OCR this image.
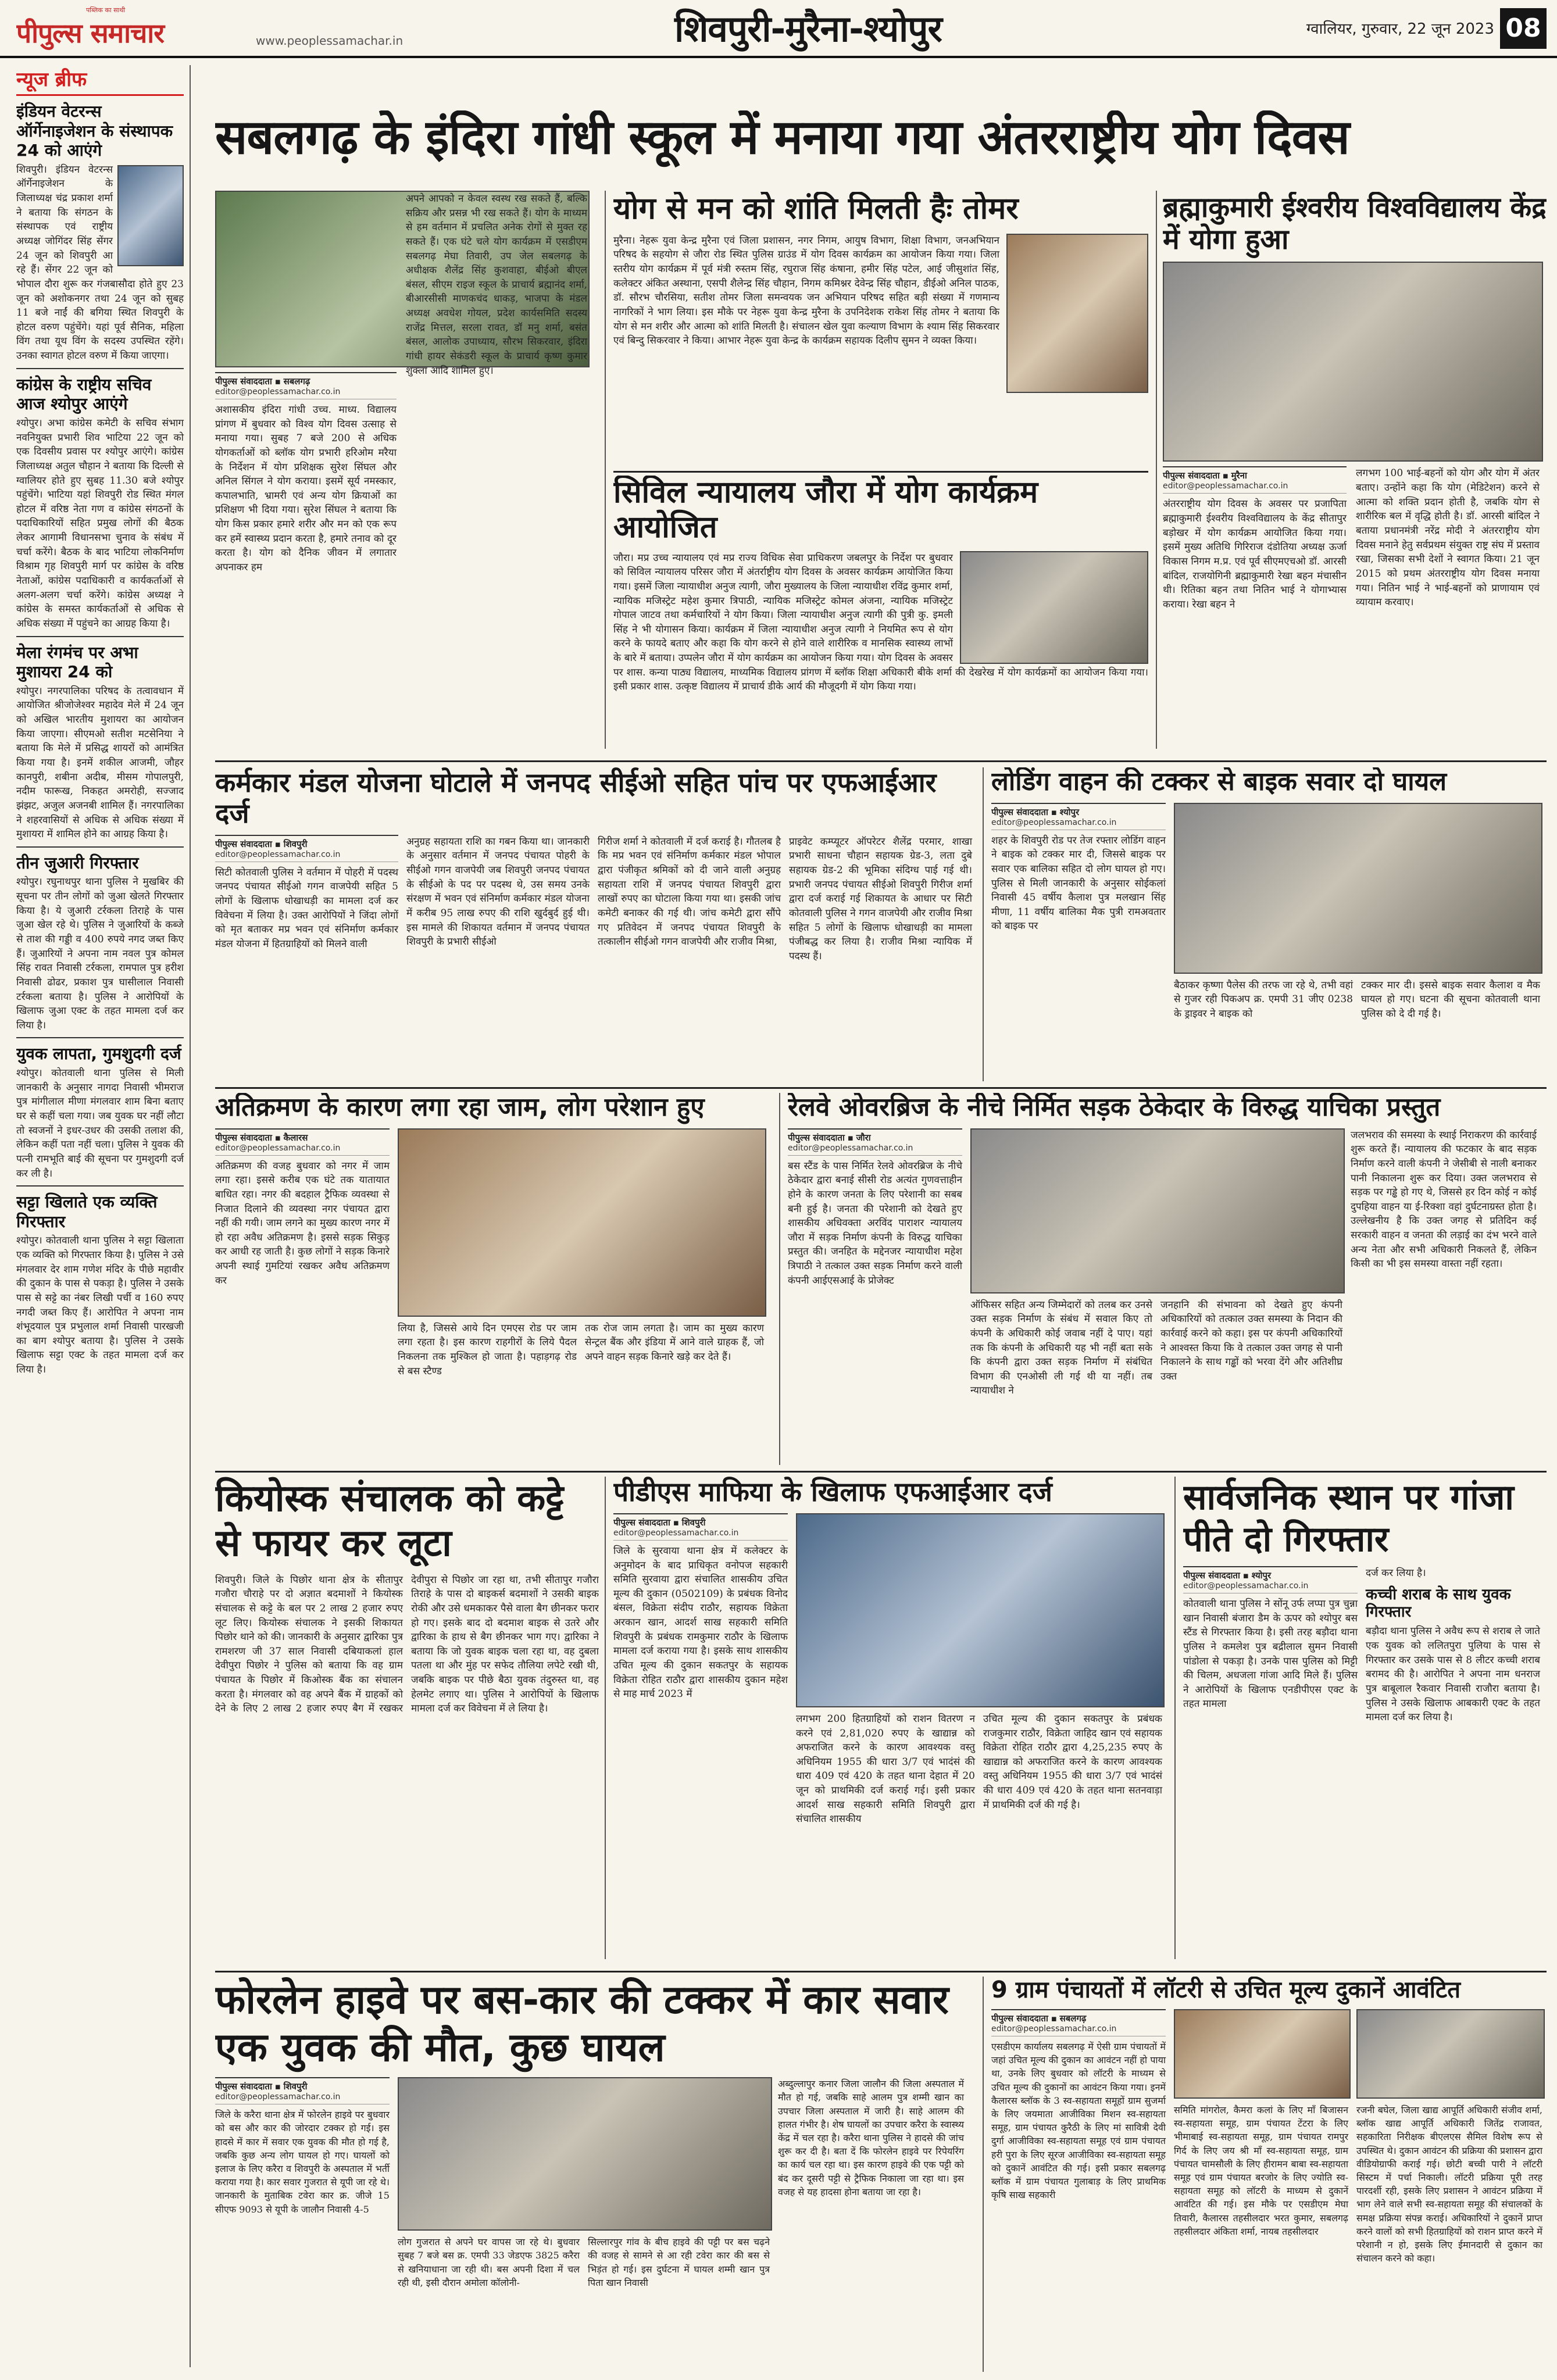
पब्लिक का साथी
पीपुल्स समाचार	www.peoplessamachar.in	शिवपुरी-मुरैना-श्योपुर	ग्वालियर, गुरुवार, 22 जून 2023 08
न्यूज ब्रीफ
इंडियन वेटरन्स ऑर्गेनाइजेशन के संस्थापक 24 को आएंगे
शिवपुरी। इंडियन वेटरन्स ऑर्गेनाइजेशन के जिलाध्यक्ष चंद्र प्रकाश शर्मा ने बताया कि संगठन के संस्थापक एवं राष्ट्रीय अध्यक्ष जोगिंदर सिंह सेंगर 24 जून को शिवपुरी आ रहे हैं। सेंगर 22 जून को भोपाल दौरा शुरू कर गंजबासौदा होते हुए 23 जून को अशोकनगर तथा 24 जून को सुबह 11 बजे नाईं की बगिया स्थित शिवपुरी के होटल वरुण पहुंचेंगे। यहां पूर्व सैनिक, महिला विंग तथा यूथ विंग के सदस्य उपस्थित रहेंगे। उनका स्वागत होटल वरुण में किया जाएगा।
कांग्रेस के राष्ट्रीय सचिव आज श्योपुर आएंगे
श्योपुर। अभा कांग्रेस कमेटी के सचिव संभाग नवनियुक्त प्रभारी शिव भाटिया 22 जून को एक दिवसीय प्रवास पर श्योपुर आएंगे। कांग्रेस जिलाध्यक्ष अतुल चौहान ने बताया कि दिल्ली से ग्वालियर होते हुए सुबह 11.30 बजे श्योपुर पहुंचेंगे। भाटिया यहां शिवपुरी रोड स्थित मंगल होटल में वरिष्ठ नेता गण व कांग्रेस संगठनों के पदाधिकारियों सहित प्रमुख लोगों की बैठक लेकर आगामी विधानसभा चुनाव के संबंध में चर्चा करेंगे। बैठक के बाद भाटिया लोकनिर्माण विश्राम गृह शिवपुरी मार्ग पर कांग्रेस के वरिष्ठ नेताओं, कांग्रेस पदाधिकारी व कार्यकर्ताओं से अलग-अलग चर्चा करेंगे। कांग्रेस अध्यक्ष ने कांग्रेस के समस्त कार्यकर्ताओं से अधिक से अधिक संख्या में पहुंचने का आग्रह किया है।
मेला रंगमंच पर अभा मुशायरा 24 को
श्योपुर। नगरपालिका परिषद के तत्वावधान में आयोजित श्रीजोजेश्वर महादेव मेले में 24 जून को अखिल भारतीय मुशायरा का आयोजन किया जाएगा। सीएमओ सतीश मटसेनिया ने बताया कि मेले में प्रसिद्ध शायरों को आमंत्रित किया गया है। इनमें शकील आजमी, जौहर कानपुरी, शबीना अदीब, मीसम गोपालपुरी, नदीम फारूख, निकहत अमरोही, सज्जाद झंझट, अजुल अजनबी शामिल हैं। नगरपालिका ने शहरवासियों से अधिक से अधिक संख्या में मुशायरा में शामिल होने का आग्रह किया है।
तीन जुआरी गिरफ्तार
श्योपुर। रघुनाथपुर थाना पुलिस ने मुखबिर की सूचना पर तीन लोगों को जुआ खेलते गिरफ्तार किया है। ये जुआरी टर्रकला तिराहे के पास जुआ खेल रहे थे। पुलिस ने जुआरियों के कब्जे से ताश की गड्डी व 400 रुपये नगद जब्त किए हैं। जुआरियों ने अपना नाम नवल पुत्र कोमल सिंह रावत निवासी टर्रकला, रामपाल पुत्र हरीश निवासी ढोढर, प्रकाश पुत्र घासीलाल निवासी टर्रकला बताया है। पुलिस ने आरोपियों के खिलाफ जुआ एक्ट के तहत मामला दर्ज कर लिया है।
युवक लापता, गुमशुदगी दर्ज
श्योपुर। कोतवाली थाना पुलिस से मिली जानकारी के अनुसार नागदा निवासी भीमराज पुत्र मांगीलाल मीणा मंगलवार शाम बिना बताए घर से कहीं चला गया। जब युवक घर नहीं लौटा तो स्वजनों ने इधर-उधर की उसकी तलाश की, लेकिन कहीं पता नहीं चला। पुलिस ने युवक की पत्नी रामभूति बाई की सूचना पर गुमशुदगी दर्ज कर ली है।
सट्टा खिलाते एक व्यक्ति गिरफ्तार
श्योपुर। कोतवाली थाना पुलिस ने सट्टा खिलाता एक व्यक्ति को गिरफ्तार किया है। पुलिस ने उसे मंगलवार देर शाम गणेश मंदिर के पीछे महावीर की दुकान के पास से पकड़ा है। पुलिस ने उसके पास से सट्टे का नंबर लिखी पर्ची व 160 रुपए नगदी जब्त किए हैं। आरोपित ने अपना नाम शंभूदयाल पुत्र प्रभुलाल शर्मा निवासी पारखजी का बाग श्योपुर बताया है। पुलिस ने उसके खिलाफ सट्टा एक्ट के तहत मामला दर्ज कर लिया है।
सबलगढ़ के इंदिरा गांधी स्कूल में मनाया गया अंतरराष्ट्रीय योग दिवस
पीपुल्स संवाददाता ▪ सबलगढ़
editor@peoplessamachar.co.in
अशासकीय इंदिरा गांधी उच्च. माध्य. विद्यालय प्रांगण में बुधवार को विश्व योग दिवस उत्साह से मनाया गया। सुबह 7 बजे 200 से अधिक योगकर्ताओं को ब्लॉक योग प्रभारी हरिओम मरैया के निर्देशन में योग प्रशिक्षक सुरेश सिंघल और अनिल सिंगल ने योग कराया। इसमें सूर्य नमस्कार, कपालभाति, भ्रामरी एवं अन्य योग क्रियाओं का प्रशिक्षण भी दिया गया। सुरेश सिंघल ने बताया कि योग किस प्रकार हमारे शरीर और मन को एक रूप कर हमें स्वास्थ्य प्रदान करता है, हमारे तनाव को दूर करता है। योग को दैनिक जीवन में लगातार अपनाकर हम
अपने आपको न केवल स्वस्थ रख सकते हैं, बल्कि सक्रिय और प्रसन्न भी रख सकते हैं। योग के माध्यम से हम वर्तमान में प्रचलित अनेक रोगों से मुक्त रह सकते हैं। एक घंटे चले योग कार्यक्रम में एसडीएम सबलगढ़ मेघा तिवारी, उप जेल सबलगढ़ के अधीक्षक शैलेंद्र सिंह कुशवाहा, बीईओ बीएल बंसल, सीएम राइज स्कूल के प्राचार्य ब्रह्मानंद शर्मा, बीआरसीसी माणकचंद धाकड़, भाजपा के मंडल अध्यक्ष अवधेश गोयल, प्रदेश कार्यसमिति सदस्य राजेंद्र मित्तल, सरला रावत, डॉ मनु शर्मा, बसंत बंसल, आलोक उपाध्याय, सौरभ सिकरवार, इंदिरा गांधी हायर सेकंडरी स्कूल के प्राचार्य कृष्ण कुमार शुक्ला आदि शामिल हुए।
योग से मन को शांति मिलती हैः तोमर
मुरैना। नेहरू युवा केन्द्र मुरैना एवं जिला प्रशासन, नगर निगम, आयुष विभाग, शिक्षा विभाग, जनअभियान परिषद के सहयोग से जौरा रोड स्थित पुलिस ग्राउंड में योग दिवस कार्यक्रम का आयोजन किया गया। जिला स्तरीय योग कार्यक्रम में पूर्व मंत्री रुस्तम सिंह, रघुराज सिंह कंषाना, हमीर सिंह पटेल, आई जीसुशांत सिंह, कलेक्टर अंकित अस्थाना, एसपी शैलेन्द्र सिंह चौहान, निगम कमिश्नर देवेन्द्र सिंह चौहान, डीईओ अनिल पाठक, डॉ. सौरभ चौरसिया, सतीश तोमर जिला समन्वयक जन अभियान परिषद सहित बड़ी संख्या में गणमान्य नागरिकों ने भाग लिया। इस मौके पर नेहरू युवा केन्द्र मुरैना के उपनिदेशक राकेश सिंह तोमर ने बताया कि योग से मन शरीर और आत्मा को शांति मिलती है। संचालन खेल युवा कल्याण विभाग के श्याम सिंह सिकरवार एवं बिन्दु सिकरवार ने किया। आभार नेहरू युवा केन्द्र के कार्यक्रम सहायक दिलीप सुमन ने व्यक्त किया।
सिविल न्यायालय जौरा में योग कार्यक्रम आयोजित
जौरा। मप्र उच्च न्यायालय एवं मप्र राज्य विधिक सेवा प्राधिकरण जबलपुर के निर्देश पर बुधवार को सिविल न्यायालय परिसर जौरा में अंतर्राष्ट्रीय योग दिवस के अवसर कार्यक्रम आयोजित किया गया। इसमें जिला न्यायाधीश अनुज त्यागी, जौरा मुख्यालय के जिला न्यायाधीश रविंद्र कुमार शर्मा, न्यायिक मजिस्ट्रेट महेश कुमार त्रिपाठी, न्यायिक मजिस्ट्रेट कोमल अंजना, न्यायिक मजिस्ट्रेट गोपाल जाटव तथा कर्मचारियों ने योग किया। जिला न्यायाधीश अनुज त्यागी की पुत्री कु. इमली सिंह ने भी योगासन किया। कार्यक्रम में जिला न्यायाधीश अनुज त्यागी ने नियमित रूप से योग करने के फायदे बताए और कहा कि योग करने से होने वाले शारीरिक व मानसिक स्वास्थ्य लाभों के बारे में बताया। उप्पलेन जौरा में योग कार्यक्रम का आयोजन किया गया। योग दिवस के अवसर पर शास. कन्या पाठ्य विद्यालय, माध्यमिक विद्यालय प्रांगण में ब्लॉक शिक्षा अधिकारी बीके शर्मा की देखरेख में योग कार्यक्रमों का आयोजन किया गया। इसी प्रकार शास. उत्कृष्ट विद्यालय में प्राचार्य डीके आर्य की मौजूदगी में योग किया गया।
ब्रह्माकुमारी ईश्वरीय विश्वविद्यालय केंद्र में योगा हुआ
पीपुल्स संवाददाता ▪ मुरैना
editor@peoplessamachar.co.in
अंतरराष्ट्रीय योग दिवस के अवसर पर प्रजापिता ब्रह्माकुमारी ईश्वरीय विश्वविद्यालय के केंद्र सीतापुर बड़ोखर में योग कार्यक्रम आयोजित किया गया। इसमें मुख्य अतिथि गिरिराज दंडोतिया अध्यक्ष ऊर्जा विकास निगम म.प्र. एवं पूर्व सीएमएचओ डॉ. आरसी बांदिल, राजयोगिनी ब्रह्माकुमारी रेखा बहन मंचासीन थी। रितिका बहन तथा नितिन भाई ने योगाभ्यास कराया। रेखा बहन ने
लगभग 100 भाई-बहनों को योग और योग में अंतर बताए। उन्होंने कहा कि योग (मेडिटेशन) करने से आत्मा को शक्ति प्रदान होती है, जबकि योग से शारीरिक बल में वृद्धि होती है। डॉ. आरसी बांदिल ने बताया प्रधानमंत्री नरेंद्र मोदी ने अंतरराष्ट्रीय योग दिवस मनाने हेतु सर्वप्रथम संयुक्त राष्ट्र संघ में प्रस्ताव रखा, जिसका सभी देशों ने स्वागत किया। 21 जून 2015 को प्रथम अंतरराष्ट्रीय योग दिवस मनाया गया। नितिन भाई ने भाई-बहनों को प्राणायाम एवं व्यायाम करवाए।
कर्मकार मंडल योजना घोटाले में जनपद सीईओ सहित पांच पर एफआईआर दर्ज
पीपुल्स संवाददाता ▪ शिवपुरी
editor@peoplessamachar.co.in
सिटी कोतवाली पुलिस ने वर्तमान में पोहरी में पदस्थ जनपद पंचायत सीईओ गगन वाजपेयी सहित 5 लोगों के खिलाफ धोखाधड़ी का मामला दर्ज कर विवेचना में लिया है। उक्त आरोपियों ने जिंदा लोगों को मृत बताकर मप्र भवन एवं संनिर्माण कर्मकार मंडल योजना में हितग्राहियों को मिलने वाली
अनुग्रह सहायता राशि का गबन किया था। जानकारी के अनुसार वर्तमान में जनपद पंचायत पोहरी के सीईओ गगन वाजपेयी जब शिवपुरी जनपद पंचायत के सीईओ के पद पर पदस्थ थे, उस समय उनके संरक्षण में भवन एवं संनिर्माण कर्मकार मंडल योजना में करीब 95 लाख रुपए की राशि खुर्दबुर्द हुई थी। इस मामले की शिकायत वर्तमान में जनपद पंचायत शिवपुरी के प्रभारी सीईओ
गिरीज शर्मा ने कोतवाली में दर्ज कराई है। गौतलब है कि मप्र भवन एवं संनिर्माण कर्मकार मंडल भोपाल द्वारा पंजीकृत श्रमिकों को दी जाने वाली अनुग्रह सहायता राशि में जनपद पंचायत शिवपुरी द्वारा लाखों रुपए का घोटाला किया गया था। इसकी जांच कमेटी बनाकर की गई थी। जांच कमेटी द्वारा सौंपे गए प्रतिवेदन में जनपद पंचायत शिवपुरी के तत्कालीन सीईओ गगन वाजपेयी और राजीव मिश्रा,
प्राइवेट कम्प्यूटर ऑपरेटर शैलेंद्र परमार, शाखा प्रभारी साधना चौहान सहायक ग्रेड-3, लता दुबे सहायक ग्रेड-2 की भूमिका संदिग्ध पाई गई थी। प्रभारी जनपद पंचायत सीईओ शिवपुरी गिरीज शर्मा द्वारा दर्ज कराई गई शिकायत के आधार पर सिटी कोतवाली पुलिस ने गगन वाजपेयी और राजीव मिश्रा सहित 5 लोगों के खिलाफ धोखाधड़ी का मामला पंजीबद्ध कर लिया है। राजीव मिश्रा न्यायिक में पदस्थ हैं।
लोडिंग वाहन की टक्कर से बाइक सवार दो घायल
पीपुल्स संवाददाता ▪ श्योपुर
editor@peoplessamachar.co.in
शहर के शिवपुरी रोड पर तेज रफ्तार लोडिंग वाहन ने बाइक को टक्कर मार दी, जिससे बाइक पर सवार एक बालिका सहित दो लोग घायल हो गए। पुलिस से मिली जानकारी के अनुसार सोईकलां निवासी 45 वर्षीय कैलाश पुत्र मलखान सिंह मीणा, 11 वर्षीय बालिका मैक पुत्री रामअवतार को बाइक पर
बैठाकर कृष्णा पैलेस की तरफ जा रहे थे, तभी वहां से गुजर रही पिकअप क्र. एमपी 31 जीए 0238 के ड्राइवर ने बाइक को
टक्कर मार दी। इससे बाइक सवार कैलाश व मैक घायल हो गए। घटना की सूचना कोतवाली थाना पुलिस को दे दी गई है।
अतिक्रमण के कारण लगा रहा जाम, लोग परेशान हुए
पीपुल्स संवाददाता ▪ कैलारस
editor@peoplessamachar.co.in
अतिक्रमण की वजह बुधवार को नगर में जाम लगा रहा। इससे करीब एक घंटे तक यातायात बाधित रहा। नगर की बदहाल ट्रैफिक व्यवस्था से निजात दिलाने की व्यवस्था नगर पंचायत द्वारा नहीं की गयी। जाम लगने का मुख्य कारण नगर में हो रहा अवैध अतिक्रमण है। इससे सड़क सिकुड़ कर आधी रह जाती है। कुछ लोगों ने सड़क किनारे अपनी स्थाई गुमटियां रखकर अवैध अतिक्रमण कर
लिया है, जिससे आये दिन एमएस रोड पर जाम लगा रहता है। इस कारण राहगीरों के लिये पैदल निकलना तक मुश्किल हो जाता है। पहाड़गढ़ रोड से बस स्टैण्ड
तक रोज जाम लगता है। जाम का मुख्य कारण सेन्ट्रल बैंक और इंडिया में आने वाले ग्राहक हैं, जो अपने वाहन सड़क किनारे खड़े कर देते हैं।
रेलवे ओवरब्रिज के नीचे निर्मित सड़क ठेकेदार के विरुद्ध याचिका प्रस्तुत
पीपुल्स संवाददाता ▪ जौरा
editor@peoplessamachar.co.in
बस स्टैंड के पास निर्मित रेलवे ओवरब्रिज के नीचे ठेकेदार द्वारा बनाई सीसी रोड अत्यंत गुणवत्ताहीन होने के कारण जनता के लिए परेशानी का सबब बनी हुई है। जनता की परेशानी को देखते हुए शासकीय अधिवक्ता अरविंद पाराशर न्यायालय जौरा में सड़क निर्माण कंपनी के विरुद्ध याचिका प्रस्तुत की। जनहित के मद्देनजर न्यायाधीश महेश त्रिपाठी ने तत्काल उक्त सड़क निर्माण करने वाली कंपनी आईएसआई के प्रोजेक्ट
ऑफिसर सहित अन्य जिम्मेदारों को तलब कर उनसे उक्त सड़क निर्माण के संबंध में सवाल किए तो कंपनी के अधिकारी कोई जवाब नहीं दे पाए। यहां तक कि कंपनी के अधिकारी यह भी नहीं बता सके कि कंपनी द्वारा उक्त सड़क निर्माण में संबंधित विभाग की एनओसी ली गई थी या नहीं। तब न्यायाधीश ने
जनहानि की संभावना को देखते हुए कंपनी अधिकारियों को तत्काल उक्त समस्या के निदान की कार्रवाई करने को कहा। इस पर कंपनी अधिकारियों ने आश्वस्त किया कि वे तत्काल उक्त जगह से पानी निकालने के साथ गड्ढों को भरवा देंगे और अतिशीघ्र उक्त
जलभराव की समस्या के स्थाई निराकरण की कार्रवाई शुरू करते हैं। न्यायालय की फटकार के बाद सड़क निर्माण करने वाली कंपनी ने जेसीबी से नाली बनाकर पानी निकालना शुरू कर दिया। उक्त जलभराव से सड़क पर गड्ढे हो गए थे, जिससे हर दिन कोई न कोई दुपहिया वाहन या ई-रिक्शा वहां दुर्घटनाग्रस्त होता है। उल्लेखनीय है कि उक्त जगह से प्रतिदिन कई सरकारी वाहन व जनता की लड़ाई का दंभ भरने वाले अन्य नेता और सभी अधिकारी निकलते हैं, लेकिन किसी का भी इस समस्या वास्ता नहीं रहता।
कियोस्क संचालक को कट्टे से फायर कर लूटा
शिवपुरी। जिले के पिछोर थाना क्षेत्र के सीतापुर गजौरा चौराहे पर दो अज्ञात बदमाशों ने कियोस्क संचालक से कट्टे के बल पर 2 लाख 2 हजार रुपए लूट लिए। कियोस्क संचालक ने इसकी शिकायत पिछोर थाने को की। जानकारी के अनुसार द्वारिका पुत्र रामशरण जी 37 साल निवासी दबियाकलां हाल देवीपुरा पिछोर ने पुलिस को बताया कि वह ग्राम पंचायत के पिछोर में किओस्क बैंक का संचालन करता है। मंगलवार को वह अपने बैंक में ग्राहकों को देने के लिए 2 लाख 2 हजार रुपए बैग में रखकर देवीपुरा से पिछोर जा रहा था, तभी सीतापुर गजौरा तिराहे के पास दो बाइकर्स बदमाशों ने उसकी बाइक रोकी और उसे धमकाकर पैसे वाला बैग छीनकर फरार हो गए। इसके बाद दो बदमाश बाइक से उतरे और द्वारिका के हाथ से बैग छीनकर भाग गए। द्वारिका ने बताया कि जो युवक बाइक चला रहा था, वह दुबला पतला था और मुंह पर सफेद तौलिया लपेटे रखी थी, जबकि बाइक पर पीछे बैठा युवक तंदुरुस्त था, वह हेलमेट लगाए था। पुलिस ने आरोपियों के खिलाफ मामला दर्ज कर विवेचना में ले लिया है।
पीडीएस माफिया के खिलाफ एफआईआर दर्ज
पीपुल्स संवाददाता ▪ शिवपुरी
editor@peoplessamachar.co.in
जिले के सुरवाया थाना क्षेत्र में कलेक्टर के अनुमोदन के बाद प्राधिकृत वनोपज सहकारी समिति सुरवाया द्वारा संचालित शासकीय उचित मूल्य की दुकान (0502109) के प्रबंधक विनोद बंसल, विक्रेता संदीप राठौर, सहायक विक्रेता अरकान खान, आदर्श साख सहकारी समिति शिवपुरी के प्रबंधक रामकुमार राठौर के खिलाफ मामला दर्ज कराया गया है। इसके साथ शासकीय उचित मूल्य की दुकान सकतपुर के सहायक विक्रेता रोहित राठौर द्वारा शासकीय दुकान महेश से माह मार्च 2023 में
लगभग 200 हितग्राहियों को राशन वितरण न करने एवं 2,81,020 रुपए के खाद्यान्न को अफराजित करने के कारण आवश्यक वस्तु अधिनियम 1955 की धारा 3/7 एवं भादंसं की धारा 409 एवं 420 के तहत थाना देहात में 20 जून को प्राथमिकी दर्ज कराई गई। इसी प्रकार आदर्श साख सहकारी समिति शिवपुरी द्वारा संचालित शासकीय
उचित मूल्य की दुकान सकतपुर के प्रबंधक राजकुमार राठौर, विक्रेता जाहिद खान एवं सहायक विक्रेता रोहित राठौर द्वारा 4,25,235 रुपए के खाद्यान्न को अफराजित करने के कारण आवश्यक वस्तु अधिनियम 1955 की धारा 3/7 एवं भादंसं की धारा 409 एवं 420 के तहत थाना सतनवाड़ा में प्राथमिकी दर्ज की गई है।
सार्वजनिक स्थान पर गांजा पीते दो गिरफ्तार
पीपुल्स संवाददाता ▪ श्योपुर
editor@peoplessamachar.co.in
कोतवाली थाना पुलिस ने सोंनू उर्फ लप्पा पुत्र चुन्ना खान निवासी बंजारा डैम के ऊपर को श्योपुर बस स्टैंड से गिरफ्तार किया है। इसी तरह बड़ौदा थाना पुलिस ने कमलेश पुत्र बद्रीलाल सुमन निवासी पांडोला से पकड़ा है। उनके पास पुलिस को मिट्टी की चिलम, अधजला गांजा आदि मिले हैं। पुलिस ने आरोपियों के खिलाफ एनडीपीएस एक्ट के तहत मामला
दर्ज कर लिया है।
कच्ची शराब के साथ युवक गिरफ्तार
बड़ौदा थाना पुलिस ने अवैध रूप से शराब ले जाते एक युवक को ललितपुरा पुलिया के पास से गिरफ्तार कर उसके पास से 8 लीटर कच्ची शराब बरामद की है। आरोपित ने अपना नाम धनराज पुत्र बाबूलाल रैकवार निवासी राजौरा बताया है। पुलिस ने उसके खिलाफ आबकारी एक्ट के तहत मामला दर्ज कर लिया है।
फोरलेन हाइवे पर बस-कार की टक्कर में कार सवार एक युवक की मौत, कुछ घायल
पीपुल्स संवाददाता ▪ शिवपुरी
editor@peoplessamachar.co.in
जिले के करैरा थाना क्षेत्र में फोरलेन हाइवे पर बुधवार को बस और कार की जोरदार टक्कर हो गई। इस हादसे में कार में सवार एक युवक की मौत हो गई है, जबकि कुछ अन्य लोग घायल हो गए। घायलों को इलाज के लिए करैरा व शिवपुरी के अस्पताल में भर्ती कराया गया है। कार सवार गुजरात से यूपी जा रहे थे। जानकारी के मुताबिक टवेरा कार क्र. जीजे 15 सीएफ 9093 से यूपी के जालौन निवासी 4-5
लोग गुजरात से अपने घर वापस जा रहे थे। बुधवार सुबह 7 बजे बस क्र. एमपी 33 जेडएफ 3825 करैरा से खनियाधाना जा रही थी। बस अपनी दिशा में चल रही थी, इसी दौरान अमोला कॉलोनी-
सिल्लारपुर गांव के बीच हाइवे की पट्टी पर बस चढ़ने की वजह से सामने से आ रही टवेरा कार की बस से भिड़ंत हो गई। इस दुर्घटना में घायल शम्मी खान पुत्र पिता खान निवासी
अब्दुल्लापुर कनार जिला जालौन की जिला अस्पताल में मौत हो गई, जबकि साहे आलम पुत्र शम्मी खान का उपचार जिला अस्पताल में जारी है। साहे आलम की हालत गंभीर है। शेष घायलों का उपचार करैरा के स्वास्थ्य केंद्र में चल रहा है। करैरा थाना पुलिस ने हादसे की जांच शुरू कर दी है। बता दें कि फोरलेन हाइवे पर रिपेयरिंग का कार्य चल रहा था। इस कारण हाइवे की एक पट्टी को बंद कर दूसरी पट्टी से ट्रैफिक निकाला जा रहा था। इस वजह से यह हादसा होना बताया जा रहा है।
9 ग्राम पंचायतों में लॉटरी से उचित मूल्य दुकानें आवंटित
पीपुल्स संवाददाता ▪ सबलगढ़
editor@peoplessamachar.co.in
एसडीएम कार्यालय सबलगढ़ में ऐसी ग्राम पंचायतों में जहां उचित मूल्य की दुकान का आवंटन नहीं हो पाया था, उनके लिए बुधवार को लॉटरी के माध्यम से उचित मूल्य की दुकानों का आवंटन किया गया। इनमें कैलारस ब्लॉक के 3 स्व-सहायता समूहों ग्राम सुजर्मा के लिए जयमाता आजीविका मिशन स्व-सहायता समूह, ग्राम पंचायत कुरैठी के लिए मां सावित्री देवी दुर्गा आजीविका स्व-सहायता समूह एवं ग्राम पंचायत हरी पुरा के लिए सूरज आजीविका स्व-सहायता समूह को दुकानें आवंटित की गई। इसी प्रकार सबलगढ़ ब्लॉक में ग्राम पंचायत गुलाबाड़ के लिए प्राथमिक कृषि साख सहकारी
समिति मांगरोल, कैमरा कलां के लिए माँ बिजासन स्व-सहायता समूह, ग्राम पंचायत टेंटरा के लिए भीमाबाई स्व-सहायता समूह, ग्राम पंचायत रामपुर गिर्द के लिए जय श्री माँ स्व-सहायता समूह, ग्राम पंचायत चामसौली के लिए हीरामन बाबा स्व-सहायता समूह एवं ग्राम पंचायत बरजोर के लिए ज्योति स्व-सहायता समूह को लॉटरी के माध्यम से दुकानें आवंटित की गई। इस मौके पर एसडीएम मेघा तिवारी, कैलारस तहसीलदार भरत कुमार, सबलगढ़ तहसीलदार अंकिता शर्मा, नायब तहसीलदार
रजनी बघेल, जिला खाद्य आपूर्ति अधिकारी संजीव शर्मा, ब्लॉक खाद्य आपूर्ति अधिकारी जितेंद्र राजावत, सहकारिता निरीक्षक बीएलएस सैमिल विशेष रूप से उपस्थित थे। दुकान आवंटन की प्रक्रिया की प्रशासन द्वारा वीडियोग्राफी कराई गई। छोटी बच्ची पारी ने लॉटरी सिस्टम में पर्चा निकाली। लॉटरी प्रक्रिया पूरी तरह पारदर्शी रही, इसके लिए प्रशासन ने आवंटन प्रक्रिया में भाग लेने वाले सभी स्व-सहायता समूह की संचालकों के समक्ष प्रक्रिया संपन्न कराई। अधिकारियों ने दुकानें प्राप्त करने वालों को सभी हितग्राहियों को राशन प्राप्त करने में परेशानी न हो, इसके लिए ईमानदारी से दुकान का संचालन करने को कहा।
